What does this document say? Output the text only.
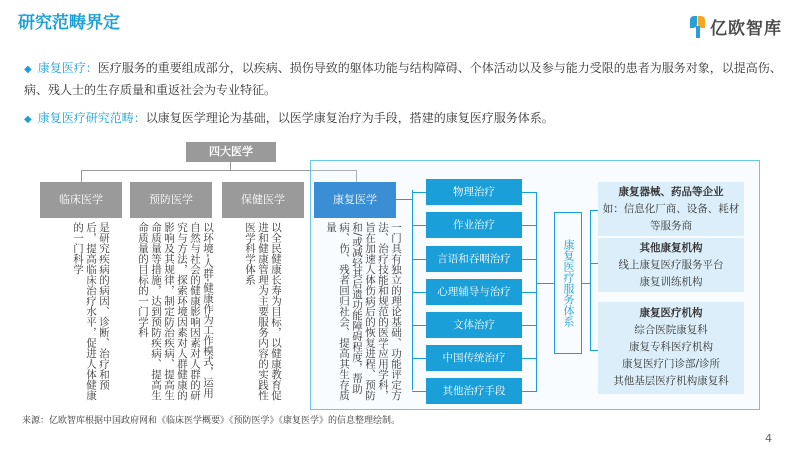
研究范畴界定	亿欧智库
◆ 康复医疗：医疗服务的重要组成部分，以疾病、损伤导致的躯体功能与结构障碍、个体活动以及参与能力受限的患者为服务对象，以提高伤、病、残人士的生存质量和重返社会为专业特征。
◆ 康复医疗研究范畴：以康复医学理论为基础，以医学康复治疗为手段，搭建的康复医疗服务体系。
四大医学
临床医学
是研究疾病的病因、诊断、治疗和预后，提高临床治疗水平，促进人体健康的一门科学
预防医学
以环境-人群-健康作为工作模式，运用自然与社会的健康影响因素对人群的研究与方法，探索环境因素对人群健康的影响及其规律，制定防治疾病、提高生命质量等措施，达到预防疾病、提高生命质量的目标的一门学科
保健医学
以全民健康长寿为目标，以健康教育促进和健康管理为主要服务内容的实践性医学科学体系
康复医学
一门具有独立的理论基础、功能评定方法、治疗技能和规范的医学应用学科，旨在加速人体伤病后的恢复进程、预防和/或减轻其后遗功能障碍程度，帮助病、伤、残者回归社会、提高其生存质量
物理治疗
作业治疗
言语和吞咽治疗
心理辅导与治疗
文体治疗
中国传统治疗
其他治疗手段
康复医疗服务体系
康复器械、药品等企业
如：信息化厂商、设备、耗材
等服务商
其他康复机构
线上康复医疗服务平台
康复训练机构
康复医疗机构
综合医院康复科
康复专科医疗机构
康复医疗门诊部/诊所
其他基层医疗机构康复科
来源：亿欧智库根据中国政府网和《临床医学概要》《预防医学》《康复医学》的信息整理绘制。
4
